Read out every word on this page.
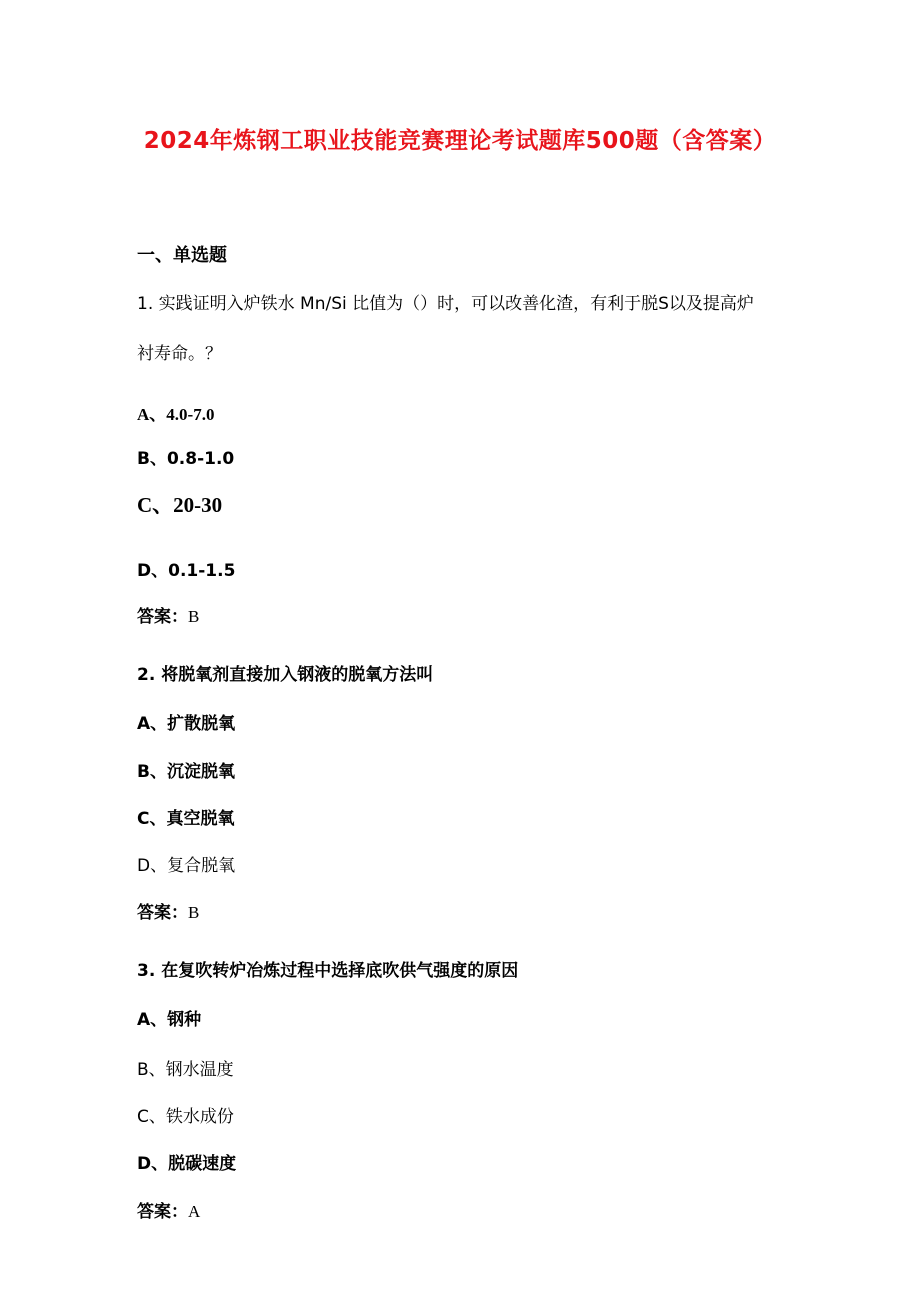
2024年炼钢工职业技能竞赛理论考试题库500题（含答案）
一、单选题
1. 实践证明入炉铁水 Mn/Si 比值为（）时，可以改善化渣，有利于脱S以及提高炉
衬寿命。？
A、4.0-7.0
B、0.8-1.0
C、20-30
D、0.1-1.5
答案：B
2. 将脱氧剂直接加入钢液的脱氧方法叫
A、扩散脱氧
B、沉淀脱氧
C、真空脱氧
D、复合脱氧
答案：B
3. 在复吹转炉冶炼过程中选择底吹供气强度的原因
A、钢种
B、钢水温度
C、铁水成份
D、脱碳速度
答案：A
